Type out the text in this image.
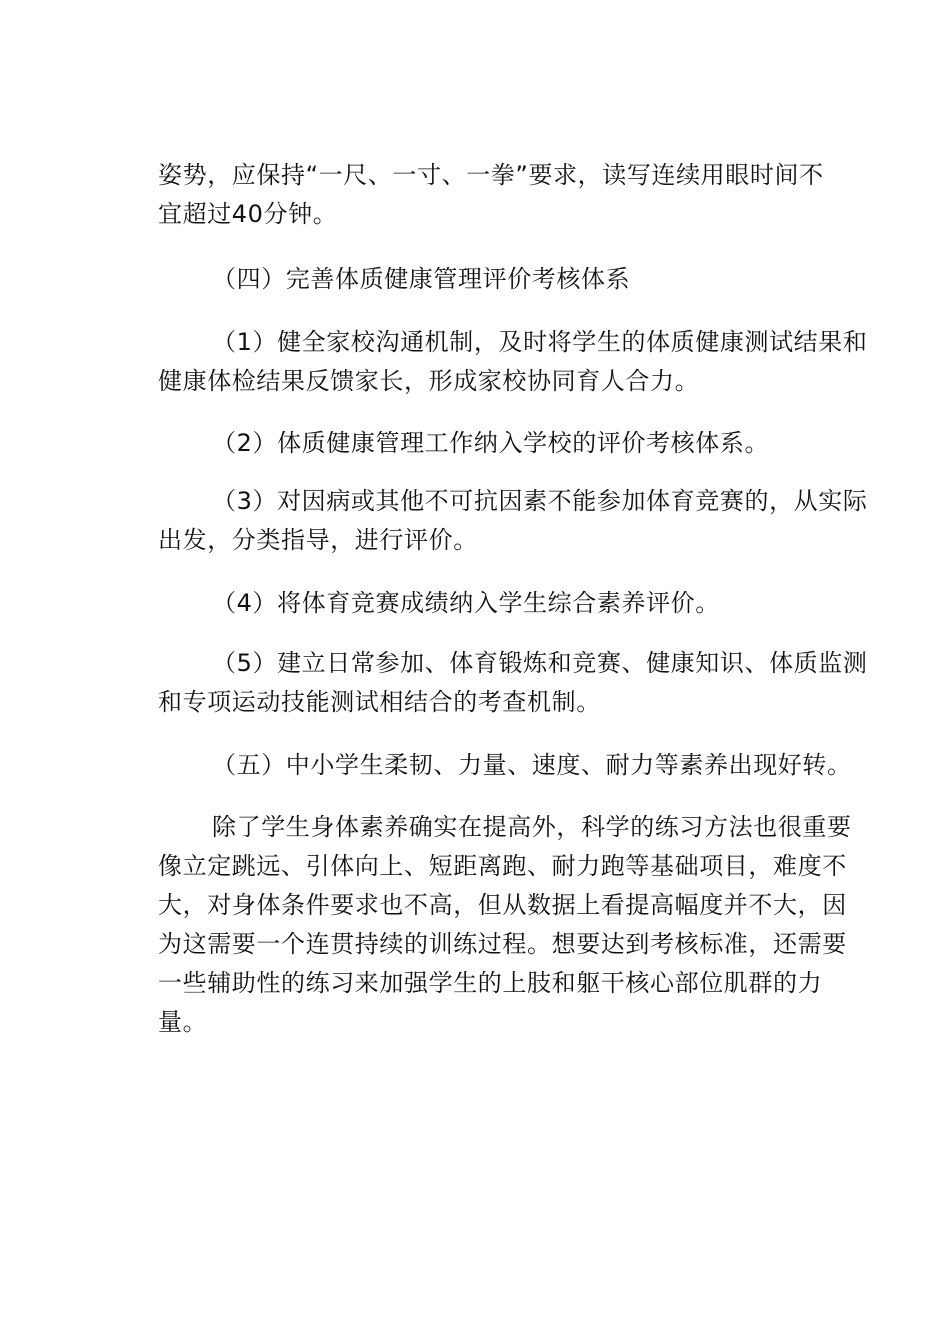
姿势，应保持“一尺、一寸、一拳”要求，读写连续用眼时间不
宜超过40分钟。

（四）完善体质健康管理评价考核体系

（1）健全家校沟通机制，及时将学生的体质健康测试结果和
健康体检结果反馈家长，形成家校协同育人合力。

（2）体质健康管理工作纳入学校的评价考核体系。

（3）对因病或其他不可抗因素不能参加体育竞赛的，从实际
出发，分类指导，进行评价。

（4）将体育竞赛成绩纳入学生综合素养评价。

（5）建立日常参加、体育锻炼和竞赛、健康知识、体质监测
和专项运动技能测试相结合的考查机制。

（五）中小学生柔韧、力量、速度、耐力等素养出现好转。

除了学生身体素养确实在提高外，科学的练习方法也很重要
像立定跳远、引体向上、短距离跑、耐力跑等基础项目，难度不
大，对身体条件要求也不高，但从数据上看提高幅度并不大，因
为这需要一个连贯持续的训练过程。想要达到考核标准，还需要
一些辅助性的练习来加强学生的上肢和躯干核心部位肌群的力
量。
